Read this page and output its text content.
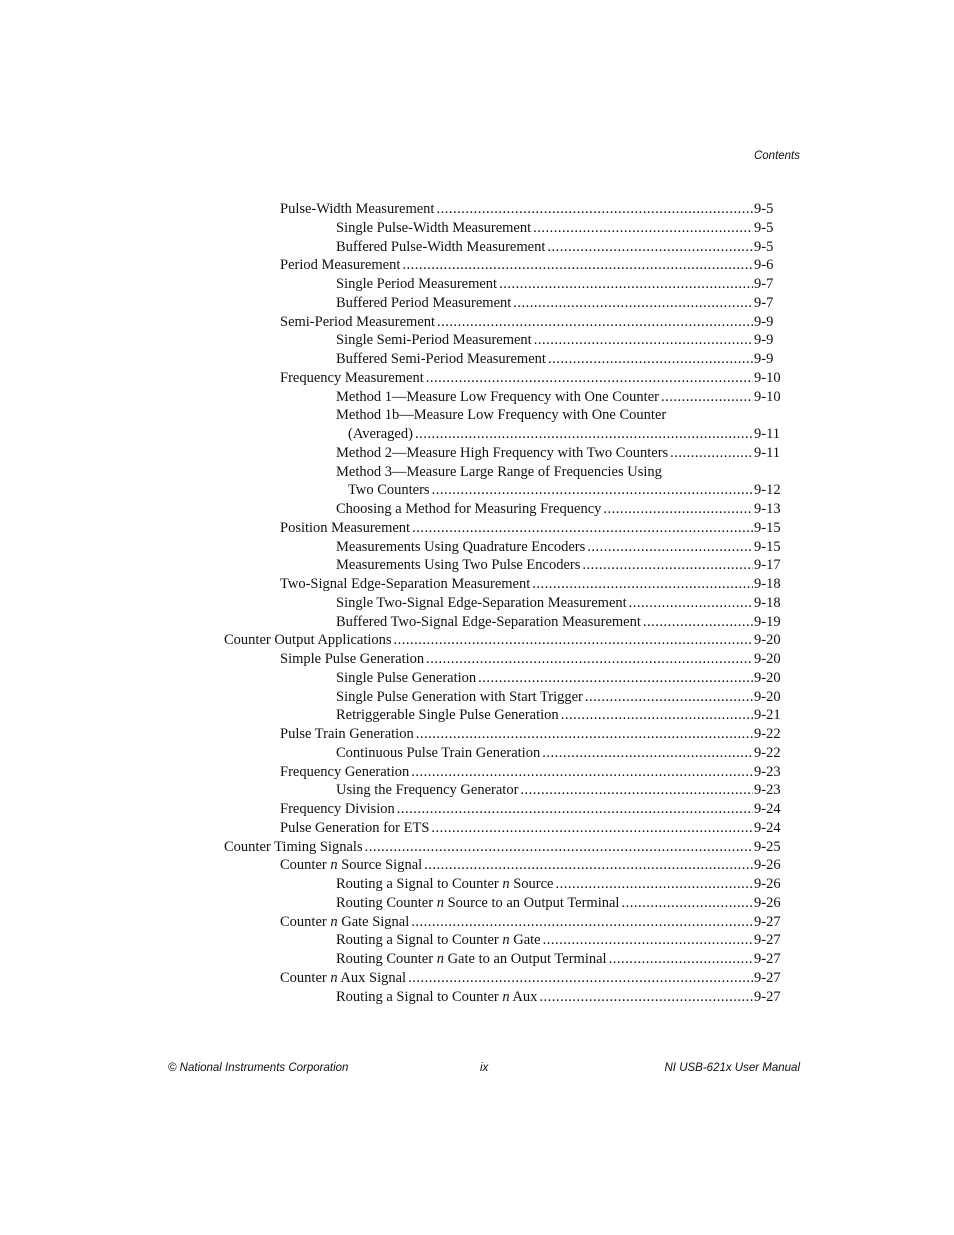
Contents
Pulse-Width Measurement .....	9-5
Single Pulse-Width Measurement .....	9-5
Buffered Pulse-Width Measurement .....	9-5
Period Measurement .....	9-6
Single Period Measurement .....	9-7
Buffered Period Measurement .....	9-7
Semi-Period Measurement .....	9-9
Single Semi-Period Measurement .....	9-9
Buffered Semi-Period Measurement .....	9-9
Frequency Measurement .....	9-10
Method 1—Measure Low Frequency with One Counter .....	9-10
Method 1b—Measure Low Frequency with One Counter
(Averaged) .....	9-11
Method 2—Measure High Frequency with Two Counters .....	9-11
Method 3—Measure Large Range of Frequencies Using
Two Counters .....	9-12
Choosing a Method for Measuring Frequency .....	9-13
Position Measurement .....	9-15
Measurements Using Quadrature Encoders .....	9-15
Measurements Using Two Pulse Encoders .....	9-17
Two-Signal Edge-Separation Measurement .....	9-18
Single Two-Signal Edge-Separation Measurement .....	9-18
Buffered Two-Signal Edge-Separation Measurement .....	9-19
Counter Output Applications .....	9-20
Simple Pulse Generation .....	9-20
Single Pulse Generation .....	9-20
Single Pulse Generation with Start Trigger .....	9-20
Retriggerable Single Pulse Generation .....	9-21
Pulse Train Generation .....	9-22
Continuous Pulse Train Generation .....	9-22
Frequency Generation .....	9-23
Using the Frequency Generator .....	9-23
Frequency Division .....	9-24
Pulse Generation for ETS .....	9-24
Counter Timing Signals .....	9-25
Counter n Source Signal .....	9-26
Routing a Signal to Counter n Source .....	9-26
Routing Counter n Source to an Output Terminal .....	9-26
Counter n Gate Signal .....	9-27
Routing a Signal to Counter n Gate .....	9-27
Routing Counter n Gate to an Output Terminal .....	9-27
Counter n Aux Signal .....	9-27
Routing a Signal to Counter n Aux .....	9-27
© National Instruments Corporation	ix	NI USB-621x User Manual
